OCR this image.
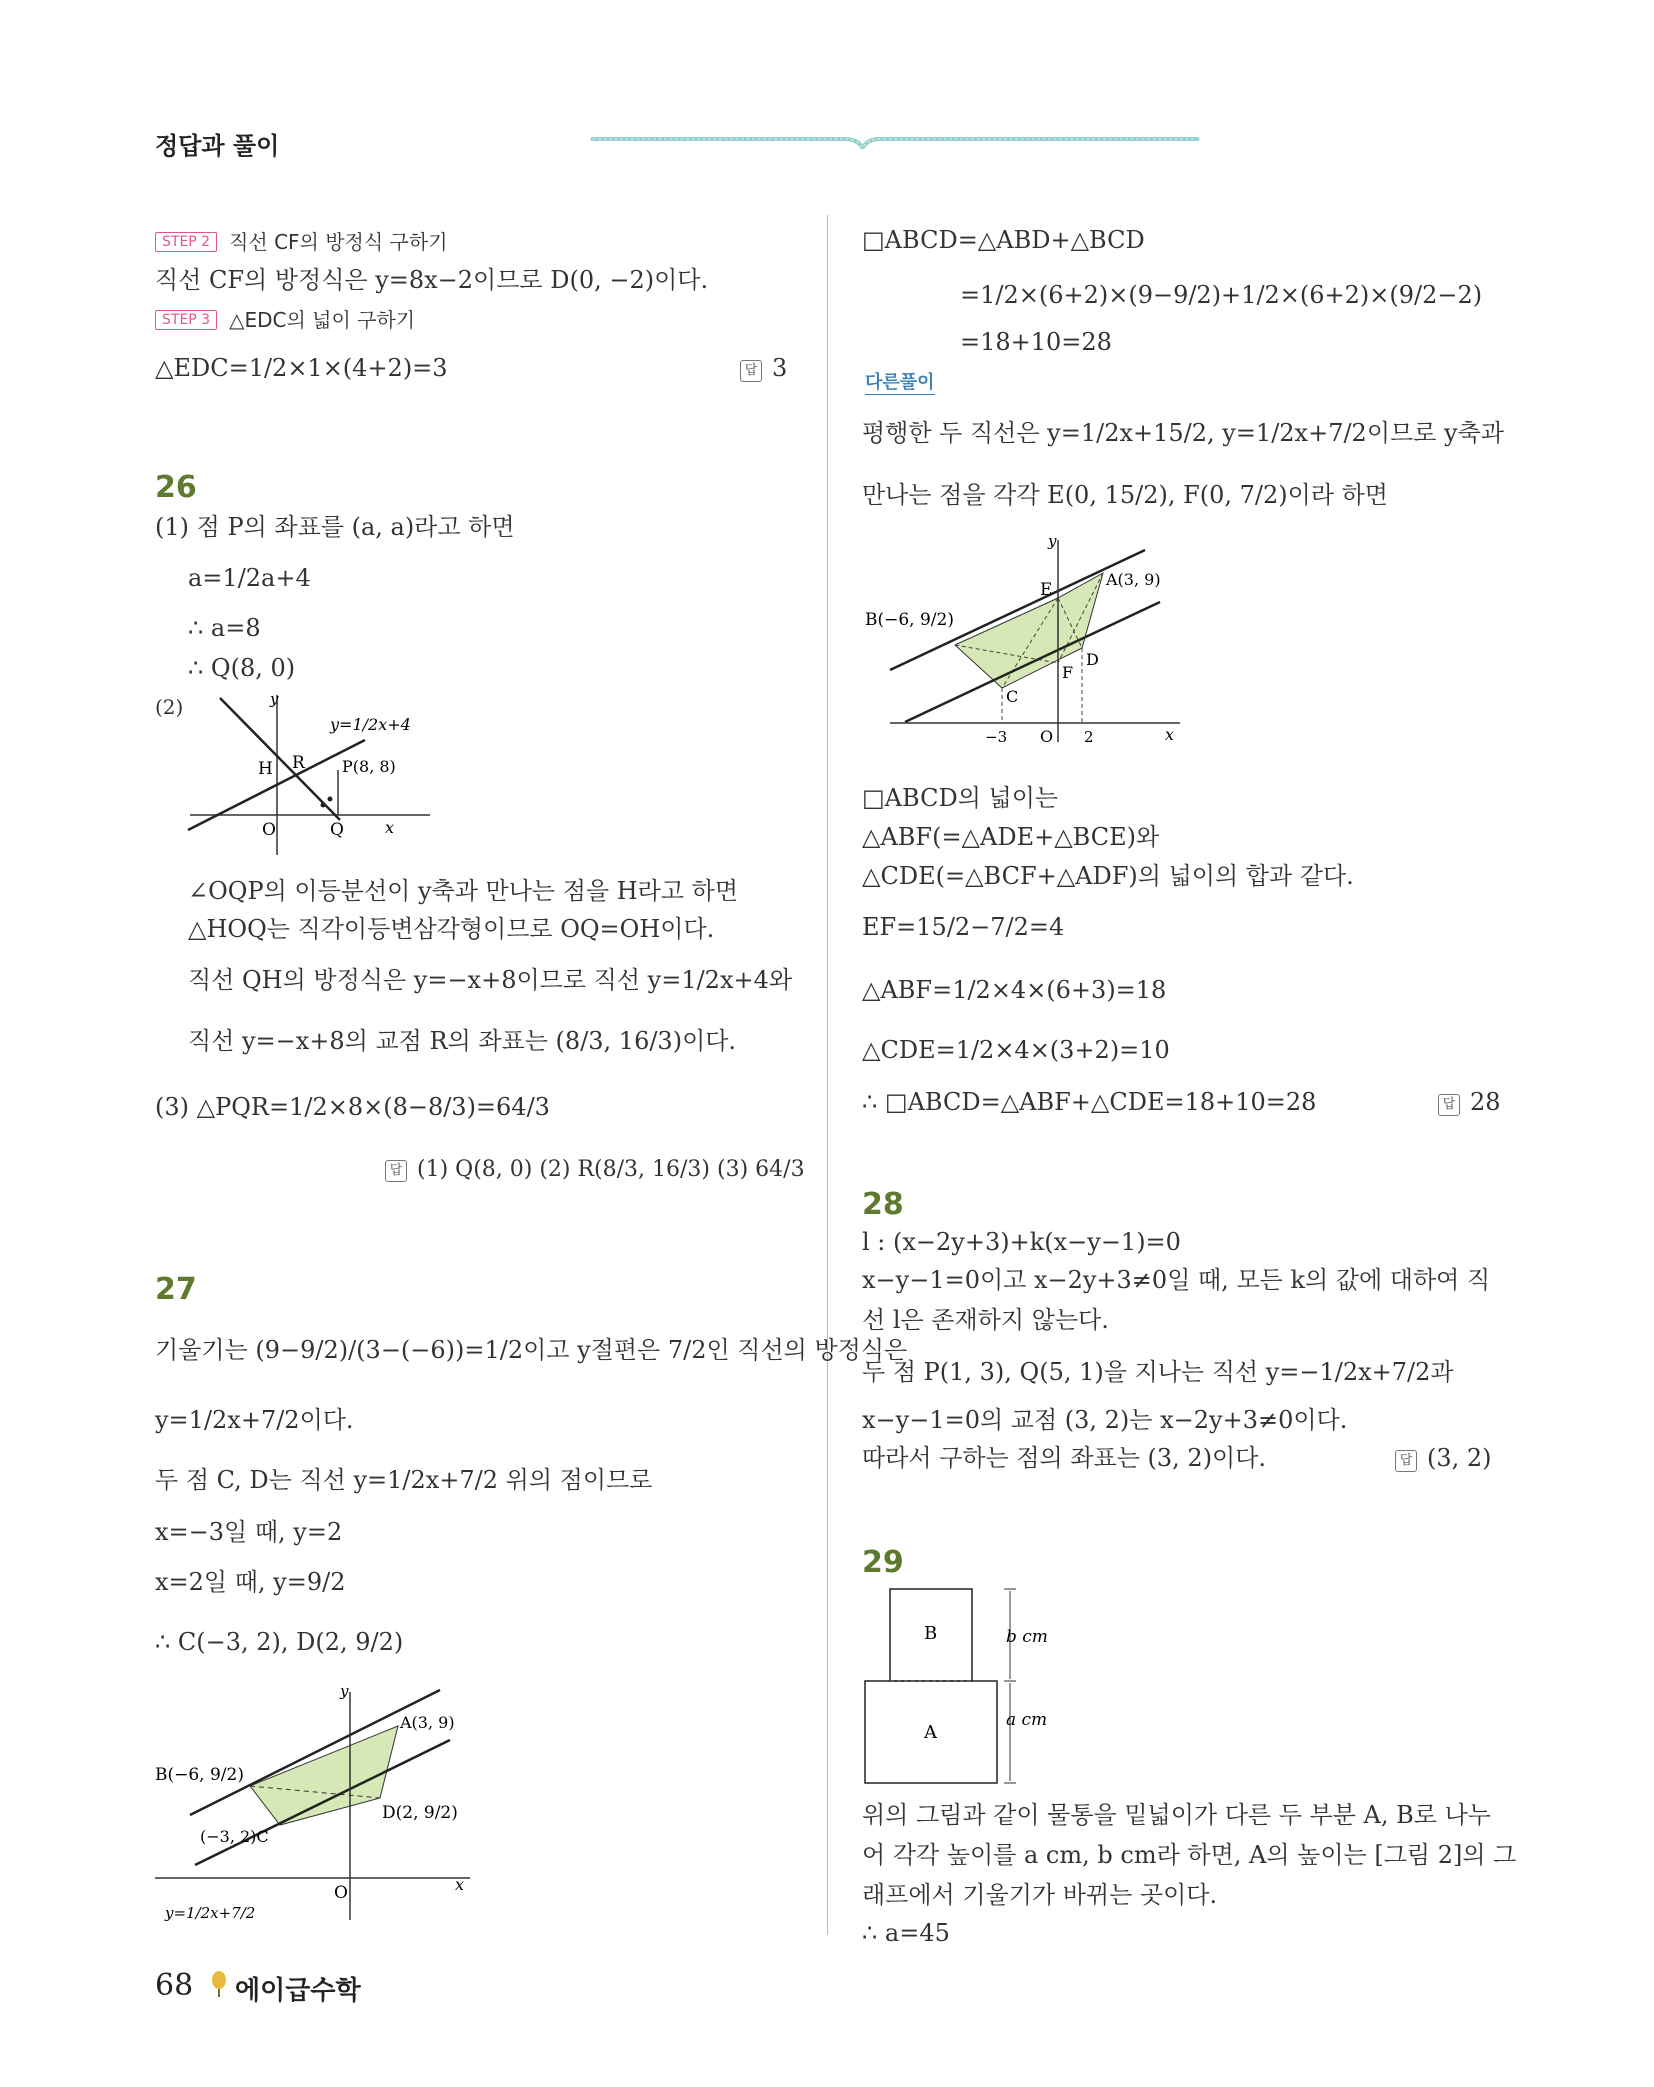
정답과 풀이
STEP 2 직선 CF의 방정식 구하기
직선 CF의 방정식은 y=8x−2이므로 D(0, −2)이다.
STEP 3 △EDC의 넓이 구하기
△EDC=1/2×1×(4+2)=3	답 3
26
(1) 점 P의 좌표를 (a, a)라고 하면
a=1/2a+4
∴ a=8
∴ Q(8, 0)
(2)	y
y=1/2x+4
H R P(8, 8)
O	Q	x
∠OQP의 이등분선이 y축과 만나는 점을 H라고 하면
△HOQ는 직각이등변삼각형이므로 OQ=OH이다.
직선 QH의 방정식은 y=−x+8이므로 직선 y=1/2x+4와
직선 y=−x+8의 교점 R의 좌표는 (8/3, 16/3)이다.
(3) △PQR=1/2×8×(8−8/3)=64/3
답 (1) Q(8, 0) (2) R(8/3, 16/3) (3) 64/3
27
기울기는 (9−9/2)/(3−(−6))=1/2이고 y절편은 7/2인 직선의 방정식은
y=1/2x+7/2이다.
두 점 C, D는 직선 y=1/2x+7/2 위의 점이므로
x=−3일 때, y=2
x=2일 때, y=9/2
∴ C(−3, 2), D(2, 9/2)
y
A(3, 9)
B(−6, 9/2)
(−3, 2)C
D(2, 9/2)
O	x
y=1/2x+7/2
□ABCD=△ABD+△BCD
=1/2×(6+2)×(9−9/2)+1/2×(6+2)×(9/2−2)
=18+10=28
다른풀이
평행한 두 직선은 y=1/2x+15/2, y=1/2x+7/2이므로 y축과
만나는 점을 각각 E(0, 15/2), F(0, 7/2)이라 하면
y
E
A(3, 9)
B(−6, 9/2)
D
F
C
−3 O 2	x
□ABCD의 넓이는
△ABF(=△ADE+△BCE)와
△CDE(=△BCF+△ADF)의 넓이의 합과 같다.
EF=15/2−7/2=4
△ABF=1/2×4×(6+3)=18
△CDE=1/2×4×(3+2)=10
∴ □ABCD=△ABF+△CDE=18+10=28	답 28
28
l : (x−2y+3)+k(x−y−1)=0
x−y−1=0이고 x−2y+3≠0일 때, 모든 k의 값에 대하여 직
선 l은 존재하지 않는다.
두 점 P(1, 3), Q(5, 1)을 지나는 직선 y=−1/2x+7/2과
x−y−1=0의 교점 (3, 2)는 x−2y+3≠0이다.
따라서 구하는 점의 좌표는 (3, 2)이다.	답 (3, 2)
29
B
A
b cm
a cm
위의 그림과 같이 물통을 밑넓이가 다른 두 부분 A, B로 나누
어 각각 높이를 a cm, b cm라 하면, A의 높이는 [그림 2]의 그
래프에서 기울기가 바뀌는 곳이다.
∴ a=45
68 에이급수학
